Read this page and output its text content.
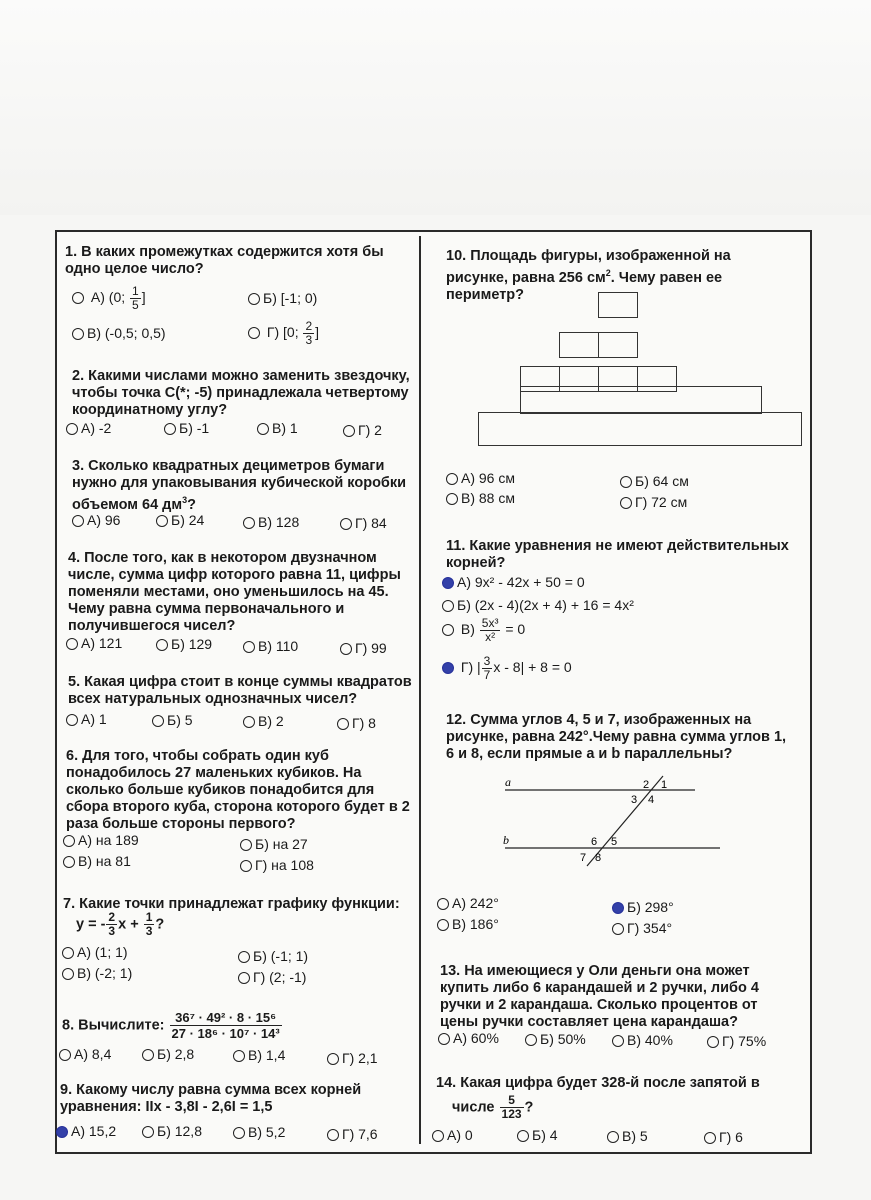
1. В каких промежутках содержится хотя бы одно целое число?
А) (0; $\frac{1}{5}$ ]	Б) [-1; 0)
В) (-0,5; 0,5)	Г) [0; $\frac{2}{3}$ ]
2. Какими числами можно заменить звездочку, чтобы точка С(*; -5) принадлежала четвертому координатному углу?
А) -2	Б) -1	В) 1	Г) 2
3. Сколько квадратных дециметров бумаги нужно для упаковывания кубической коробки объемом 64 $дм^3$?
А) 96	Б) 24	В) 128	Г) 84
4. После того, как в некотором двузначном числе, сумма цифр которого равна 11, цифры поменяли местами, оно уменьшилось на 45. Чему равна сумма первоначального и получившегося чисел?
А) 121	Б) 129	В) 110	Г) 99
5. Какая цифра стоит в конце суммы квадратов всех натуральных однозначных чисел?
А) 1	Б) 5	В) 2	Г) 8
6. Для того, чтобы собрать один куб понадобилось 27 маленьких кубиков. На сколько больше кубиков понадобится для сбора второго куба, сторона которого будет в 2 раза больше стороны первого?
А) на 189	Б) на 27
В) на 81	Г) на 108
7. Какие точки принадлежат графику функции:
y = - $\frac{2}{3}$ $x + \frac{1}{3}$ ?
А) (1; 1)	Б) (-1; 1)
В) (-2; 1)	Г) (2; -1)
8. Вычислите: $\frac{\text{36⁷ · 49² · 8 · 15⁶}}{\text{27 · 18⁶ · 10⁷ · 14³}}$
А) 8,4	Б) 2,8	В) 1,4	Г) 2,1
9. Какому числу равна сумма всех корней уравнения: IIx - 3,8I - 2,6I = 1,5
А) 15,2	Б) 12,8	В) 5,2	Г) 7,6
10. Площадь фигуры, изображенной на рисунке, равна 256 $см^2$. Чему равен ее периметр?
А) 96 см	Б) 64 см
В) 88 см	Г) 72 см
11. Какие уравнения не имеют действительных корней?
А) 9x² - 42x + 50 = 0
Б) (2x - 4)(2x + 4) + 16 = 4x²
$В) \frac{\text{5x³}}{\text{x²}} = 0$
Г) | $\frac{3}{7}$ x - 8| + 8 = 0
12. Сумма углов 4, 5 и 7, изображенных на рисунке, равна 242°.Чему равна сумма углов 1, 6 и 8, если прямые a и b параллельны?
a
b
2 1
3 4
6 5
7 8
А) 242°	Б) 298°
В) 186°	Г) 354°
13. На имеющиеся у Оли деньги она может купить либо 6 карандашей и 2 ручки, либо 4 ручки и 2 карандаша. Сколько процентов от цены ручки составляет цена карандаша?
А) 60%	Б) 50%	В) 40%	Г) 75%
14. Какая цифра будет 328-й после запятой в
числе $\frac{5}{123}$ ?
А) 0	Б) 4	В) 5	Г) 6
